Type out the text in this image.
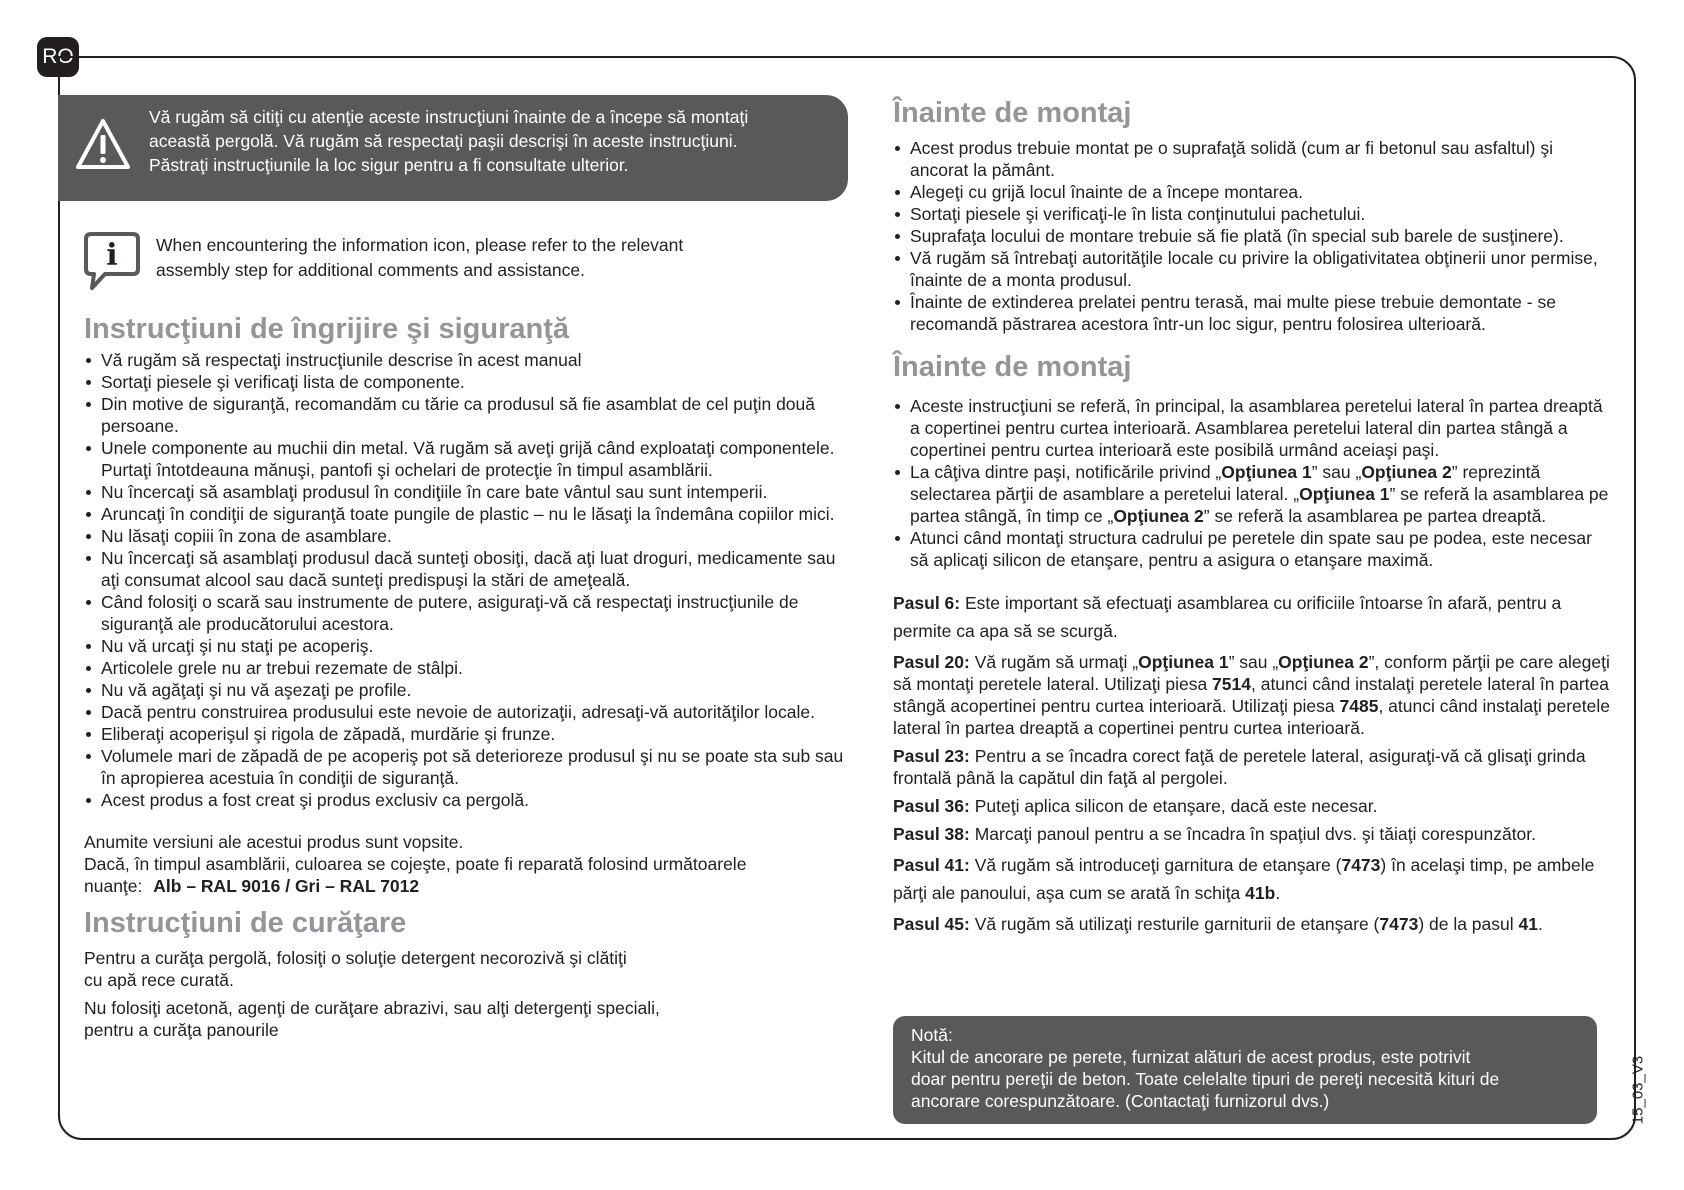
RO
Vă rugăm să citiţi cu atenţie aceste instrucţiuni înainte de a începe să montaţi
această pergolă. Vă rugăm să respectaţi paşii descrişi în aceste instrucţiuni.
Păstraţi instrucţiunile la loc sigur pentru a fi consultate ulterior.
i When encountering the information icon, please refer to the relevant
assembly step for additional comments and assistance.
Instrucţiuni de îngrijire şi siguranţă
Vă rugăm să respectaţi instrucţiunile descrise în acest manual
Sortaţi piesele şi verificaţi lista de componente.
Din motive de siguranţă, recomandăm cu tărie ca produsul să fie asamblat de cel puţin două persoane.
Unele componente au muchii din metal. Vă rugăm să aveţi grijă când exploataţi componentele. Purtaţi întotdeauna mănuşi, pantofi şi ochelari de protecţie în timpul asamblării.
Nu încercaţi să asamblaţi produsul în condiţiile în care bate vântul sau sunt intemperii.
Aruncaţi în condiţii de siguranţă toate pungile de plastic – nu le lăsaţi la îndemâna copiilor mici.
Nu lăsaţi copiii în zona de asamblare.
Nu încercaţi să asamblaţi produsul dacă sunteţi obosiţi, dacă aţi luat droguri, medicamente sau aţi consumat alcool sau dacă sunteţi predispuşi la stări de ameţeală.
Când folosiţi o scară sau instrumente de putere, asiguraţi-vă că respectaţi instrucţiunile de siguranţă ale producătorului acestora.
Nu vă urcaţi şi nu staţi pe acoperiş.
Articolele grele nu ar trebui rezemate de stâlpi.
Nu vă agăţaţi şi nu vă aşezaţi pe profile.
Dacă pentru construirea produsului este nevoie de autorizaţii, adresaţi-vă autorităţilor locale.
Eliberaţi acoperişul şi rigola de zăpadă, murdărie şi frunze.
Volumele mari de zăpadă de pe acoperiş pot să deterioreze produsul şi nu se poate sta sub sau în apropierea acestuia în condiţii de siguranţă.
Acest produs a fost creat şi produs exclusiv ca pergolă.
Anumite versiuni ale acestui produs sunt vopsite.
Dacă, în timpul asamblării, culoarea se cojeşte, poate fi reparată folosind următoarele
nuanţe: Alb – RAL 9016 / Gri – RAL 7012
Instrucţiuni de curăţare
Pentru a curăţa pergolă, folosiţi o soluţie detergent necorozivă şi clătiţi
cu apă rece curată.
Nu folosiţi acetonă, agenţi de curăţare abrazivi, sau alţi detergenţi speciali,
pentru a curăţa panourile
Înainte de montaj
Acest produs trebuie montat pe o suprafaţă solidă (cum ar fi betonul sau asfaltul) şi ancorat la pământ.
Alegeţi cu grijă locul înainte de a începe montarea.
Sortaţi piesele şi verificaţi-le în lista conţinutului pachetului.
Suprafaţa locului de montare trebuie să fie plată (în special sub barele de susţinere).
Vă rugăm să întrebaţi autorităţile locale cu privire la obligativitatea obţinerii unor permise, înainte de a monta produsul.
Înainte de extinderea prelatei pentru terasă, mai multe piese trebuie demontate - se recomandă păstrarea acestora într-un loc sigur, pentru folosirea ulterioară.
Înainte de montaj
Aceste instrucţiuni se referă, în principal, la asamblarea peretelui lateral în partea dreaptă a copertinei pentru curtea interioară. Asamblarea peretelui lateral din partea stângă a copertinei pentru curtea interioară este posibilă urmând aceiaşi paşi.
La câţiva dintre paşi, notificările privind „Opţiunea 1” sau „Opţiunea 2” reprezintă selectarea părţii de asamblare a peretelui lateral. „Opţiunea 1” se referă la asamblarea pe partea stângă, în timp ce „Opţiunea 2” se referă la asamblarea pe partea dreaptă.
Atunci când montaţi structura cadrului pe peretele din spate sau pe podea, este necesar să aplicaţi silicon de etanşare, pentru a asigura o etanşare maximă.

Pasul 6: Este important să efectuaţi asamblarea cu orificiile întoarse în afară, pentru a permite ca apa să se scurgă.

Pasul 20: Vă rugăm să urmaţi „Opţiunea 1” sau „Opţiunea 2”, conform părţii pe care alegeţi să montaţi peretele lateral. Utilizaţi piesa 7514, atunci când instalaţi peretele lateral în partea stângă acopertinei pentru curtea interioară. Utilizaţi piesa 7485, atunci când instalaţi peretele lateral în partea dreaptă a copertinei pentru curtea interioară.

Pasul 23: Pentru a se încadra corect faţă de peretele lateral, asiguraţi-vă că glisaţi grinda frontală până la capătul din faţă al pergolei.

Pasul 36: Puteţi aplica silicon de etanşare, dacă este necesar.

Pasul 38: Marcaţi panoul pentru a se încadra în spaţiul dvs. şi tăiaţi corespunzător.

Pasul 41: Vă rugăm să introduceţi garnitura de etanşare (7473) în acelaşi timp, pe ambele părţi ale panoului, aşa cum se arată în schiţa 41b.

Pasul 45: Vă rugăm să utilizaţi resturile garniturii de etanşare (7473) de la pasul 41.

Notă:
Kitul de ancorare pe perete, furnizat alături de acest produs, este potrivit
doar pentru pereţii de beton. Toate celelalte tipuri de pereţi necesită kituri de
ancorare corespunzătoare. (Contactaţi furnizorul dvs.)	15_03_V3
